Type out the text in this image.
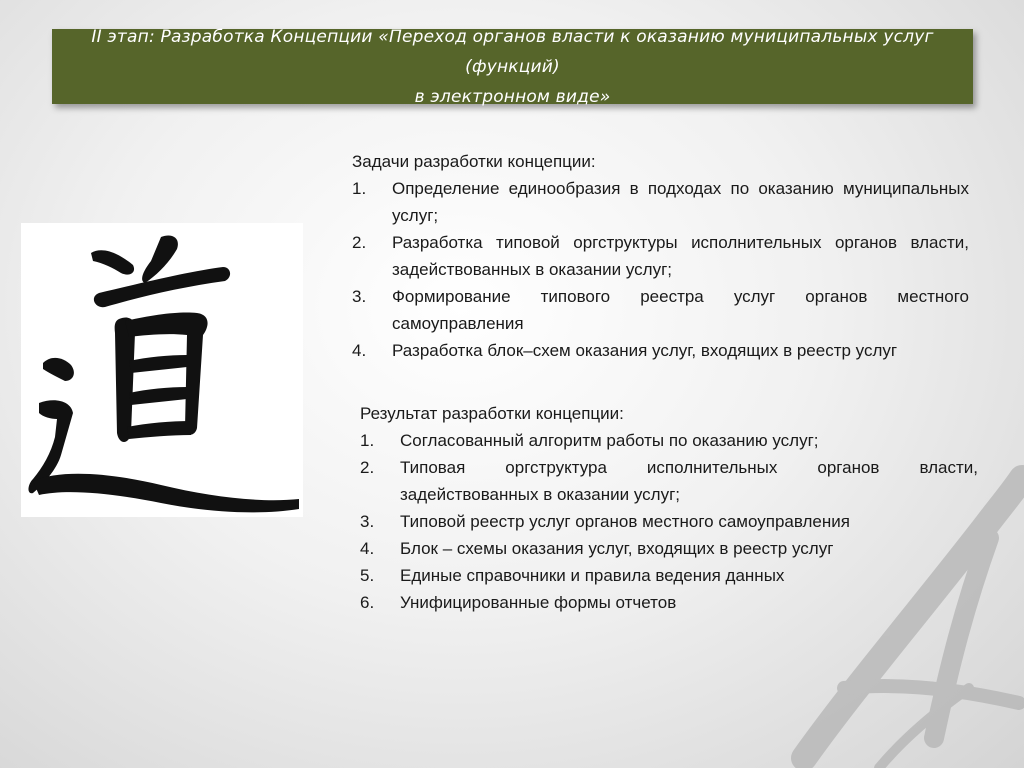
II этап: Разработка Концепции «Переход органов власти к оказанию муниципальных услуг (функций)
в электронном виде»
Задачи разработки концепции:
1. Определение единообразия в подходах по оказанию муниципальных услуг;
2. Разработка типовой оргструктуры исполнительных органов власти, задействованных в оказании услуг;
3. Формирование типового реестра услуг органов местного самоуправления
4. Разработка блок–схем оказания услуг, входящих в реестр услуг
Результат разработки концепции:
1. Согласованный алгоритм работы по оказанию услуг;
2. Типовая оргструктура исполнительных органов власти, задействованных в оказании услуг;
3. Типовой реестр услуг органов местного самоуправления
4. Блок – схемы оказания услуг, входящих в реестр услуг
5. Единые справочники и правила ведения данных
6. Унифицированные формы отчетов
